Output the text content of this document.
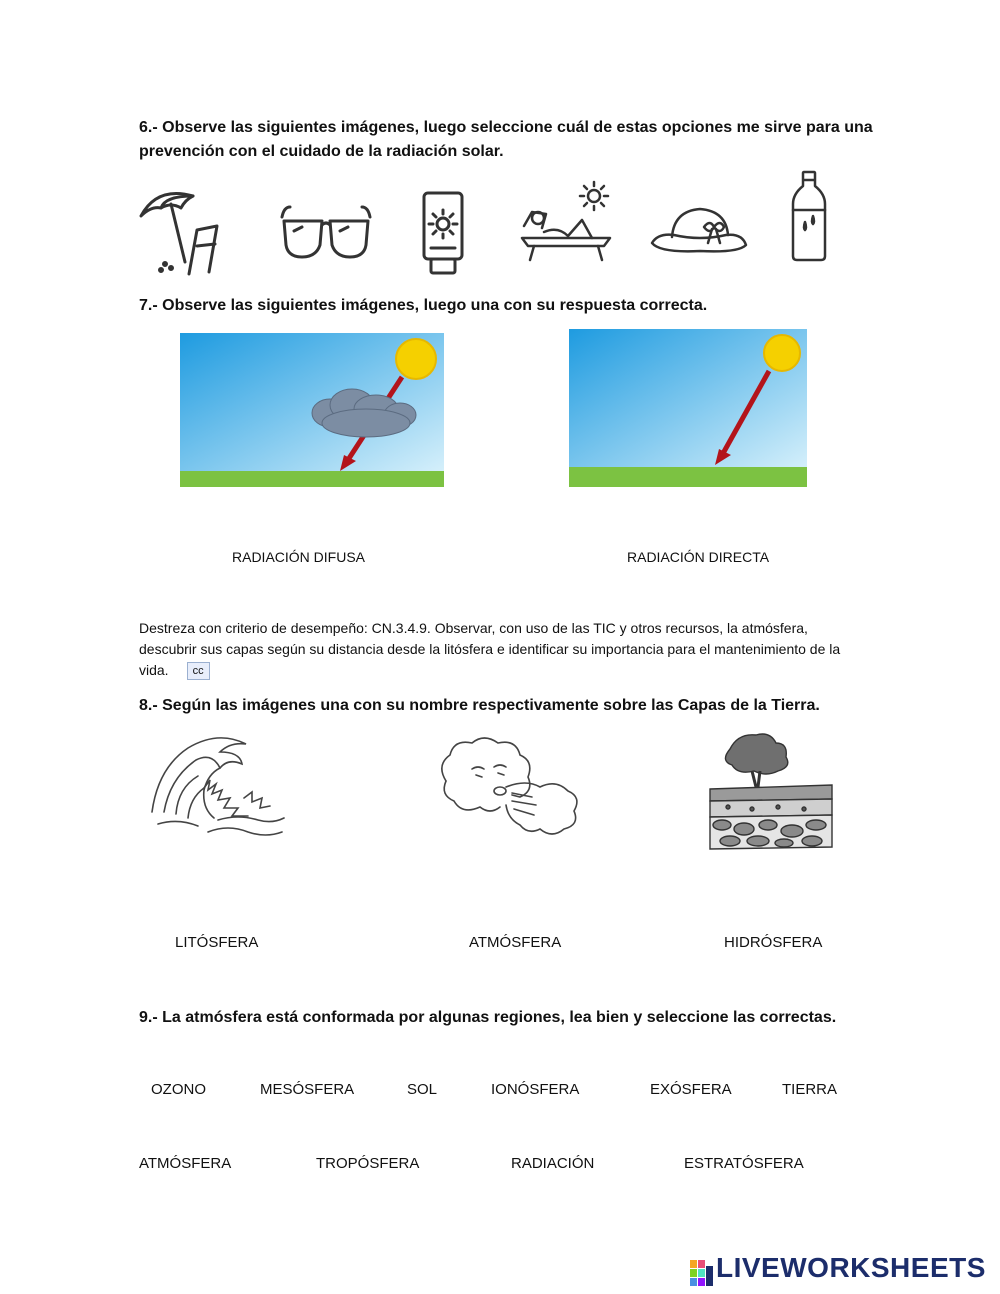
6.- Observe las siguientes imágenes, luego seleccione cuál de estas opciones me sirve para una prevención con el cuidado de la radiación solar.
7.- Observe las siguientes imágenes, luego una con su respuesta correcta.
RADIACIÓN DIFUSA	RADIACIÓN DIRECTA
Destreza con criterio de desempeño: CN.3.4.9. Observar, con uso de las TIC y otros recursos, la atmósfera, descubrir sus capas según su distancia desde la litósfera e identificar su importancia para el mantenimiento de la vida. cc
8.- Según las imágenes una con su nombre respectivamente sobre las Capas de la Tierra.
LITÓSFERA	ATMÓSFERA	HIDRÓSFERA
9.- La atmósfera está conformada por algunas regiones, lea bien y seleccione las correctas.
OZONO	MESÓSFERA	SOL	IONÓSFERA	EXÓSFERA	TIERRA
ATMÓSFERA	TROPÓSFERA	RADIACIÓN	ESTRATÓSFERA
LIVEWORKSHEETS
